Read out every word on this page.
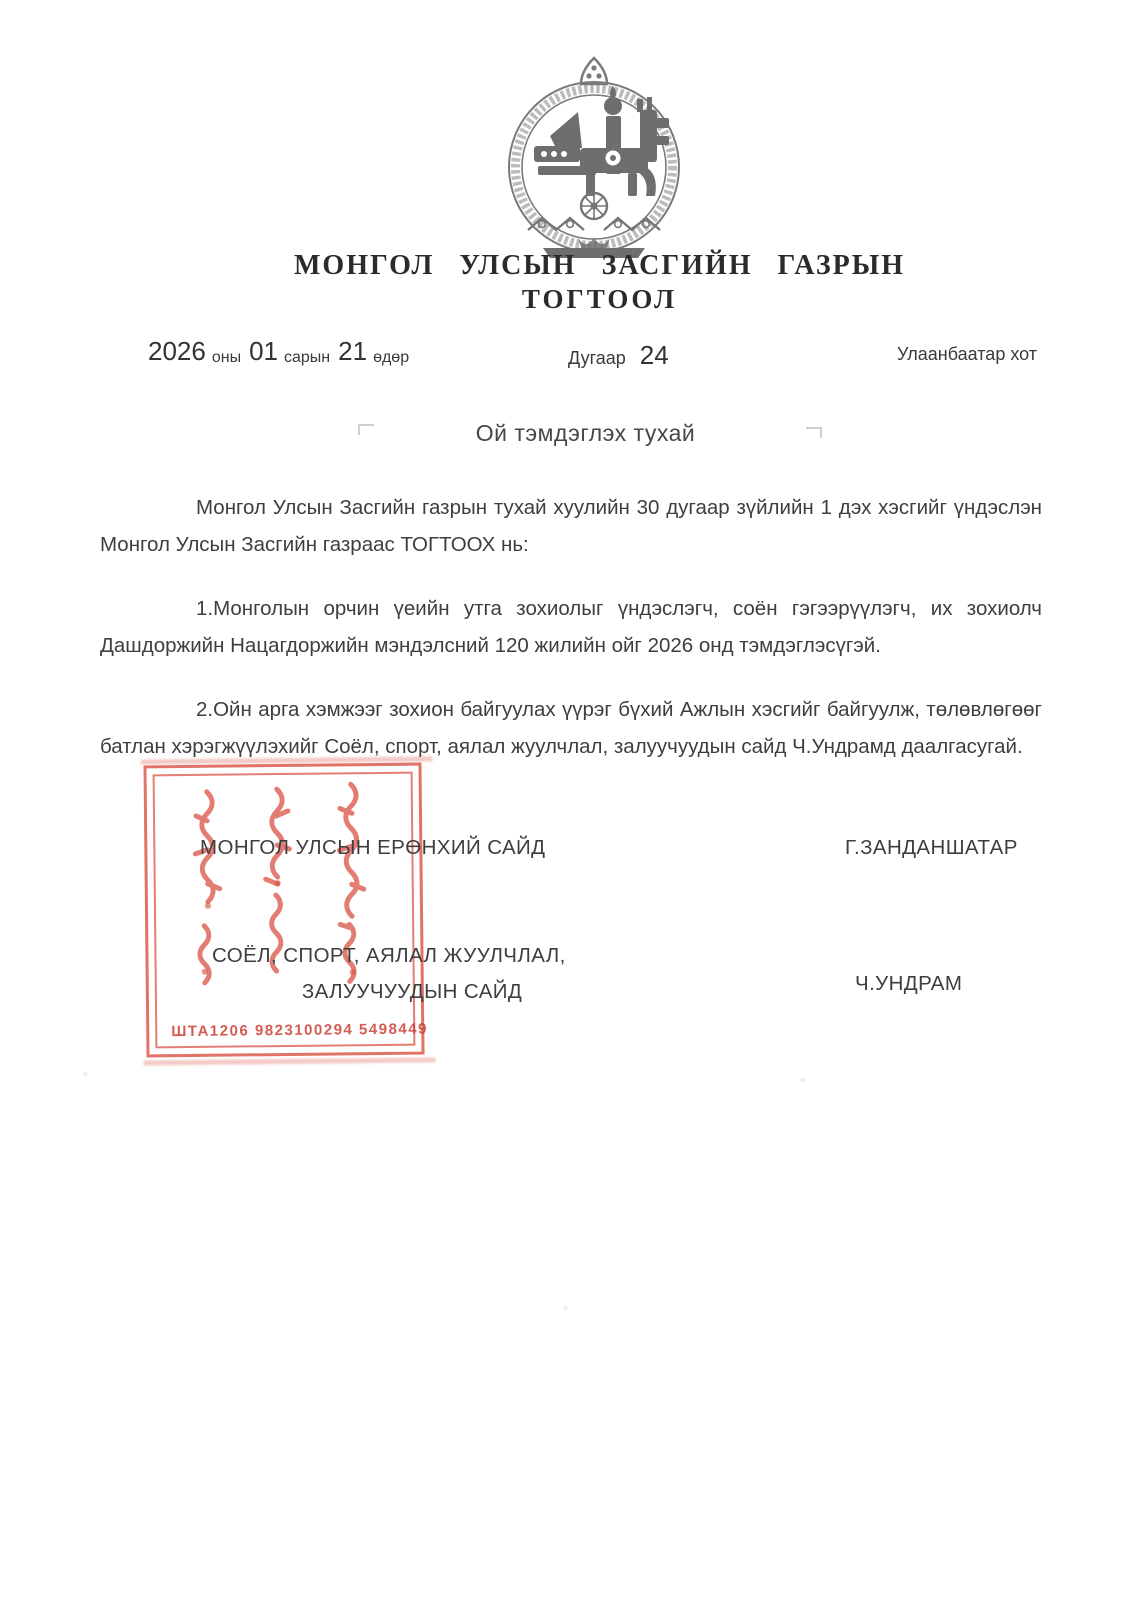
МОНГОЛ УЛСЫН ЗАСГИЙН ГАЗРЫН
ТОГТООЛ
2026 оны 01 сарын 21 өдөр	Дугаар 24	Улаанбаатар хот
Ой тэмдэглэх тухай

Монгол Улсын Засгийн газрын тухай хуулийн 30 дугаар зүйлийн 1 дэх хэсгийг үндэслэн Монгол Улсын Засгийн газраас ТОГТООХ нь:

1.Монголын орчин үеийн утга зохиолыг үндэслэгч, соён гэгээрүүлэгч, их зохиолч Дашдоржийн Нацагдоржийн мэндэлсний 120 жилийн ойг 2026 онд тэмдэглэсүгэй.

2.Ойн арга хэмжээг зохион байгуулах үүрэг бүхий Ажлын хэсгийг байгуулж, төлөвлөгөөг батлан хэрэгжүүлэхийг Соёл, спорт, аялал жуулчлал, залуучуудын сайд Ч.Ундрамд даалгасугай.

ШТА1206 9823100294 5498449
МОНГОЛ УЛСЫН ЕРӨНХИЙ САЙД	Г.ЗАНДАНШАТАР
СОЁЛ, СПОРТ, АЯЛАЛ ЖУУЛЧЛАЛ,
ЗАЛУУЧУУДЫН САЙД	Ч.УНДРАМ
